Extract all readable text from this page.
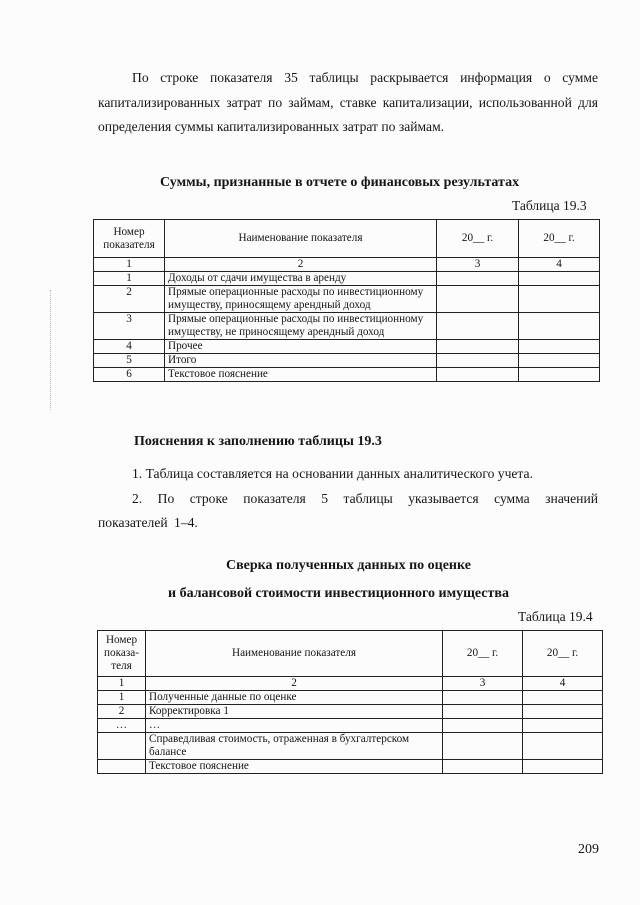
По строке показателя 35 таблицы раскрывается информация о сумме капитализированных затрат по займам, ставке капитализации, использованной для определения суммы капитализированных затрат по займам.

Суммы, признанные в отчете о финансовых результатах
Таблица 19.3
Номер показателя	Наименование показателя	20__ г.	20__ г.
1	2	3	4
1	Доходы от сдачи имущества в аренду		
2	Прямые операционные расходы по инвестиционному имуществу, приносящему арендный доход		
3	Прямые операционные расходы по инвестиционному имуществу, не приносящему арендный доход		
4	Прочее		
5	Итого		
6	Текстовое пояснение		
Пояснения к заполнению таблицы 19.3

1. Таблица составляется на основании данных аналитического учета.

2. По строке показателя 5 таблицы указывается сумма значений показателей 1–4.

Сверка полученных данных по оценке
и балансовой стоимости инвестиционного имущества
Таблица 19.4
Номер показа-теля	Наименование показателя	20__ г.	20__ г.
1	2	3	4
1	Полученные данные по оценке		
2	Корректировка 1		
…	…		
	Справедливая стоимость, отраженная в бухгалтерском балансе		
	Текстовое пояснение		
209
